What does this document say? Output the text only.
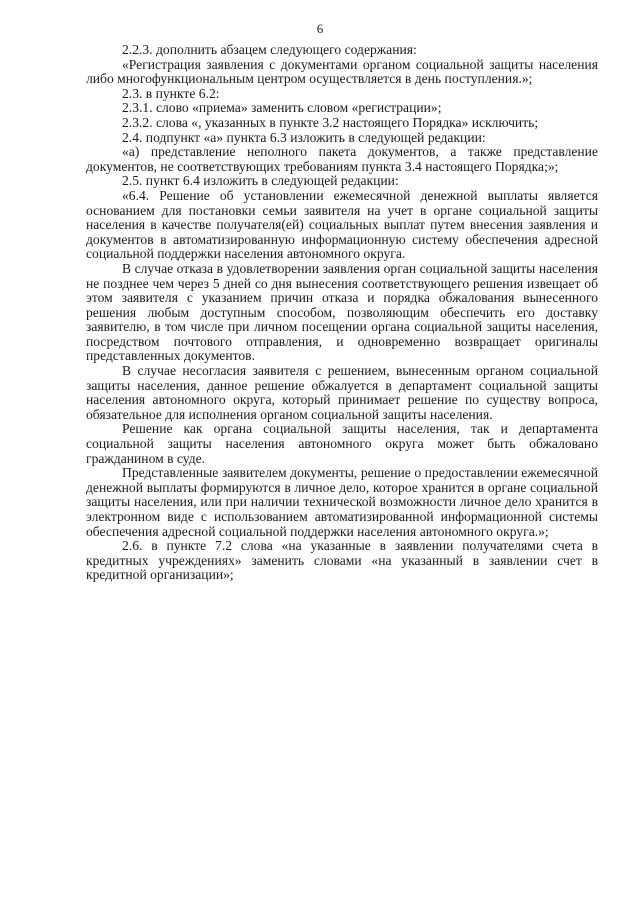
6

2.2.3. дополнить абзацем следующего содержания:

«Регистрация заявления с документами органом социальной защиты населения либо многофункциональным центром осуществляется в день поступления.»;

2.3. в пункте 6.2:

2.3.1. слово «приема» заменить словом «регистрации»;

2.3.2. слова «, указанных в пункте 3.2 настоящего Порядка» исключить;

2.4. подпункт «а» пункта 6.3 изложить в следующей редакции:

«а) представление неполного пакета документов, а также представление документов, не соответствующих требованиям пункта 3.4 настоящего Порядка;»;

2.5. пункт 6.4 изложить в следующей редакции:

«6.4. Решение об установлении ежемесячной денежной выплаты является основанием для постановки семьи заявителя на учет в органе социальной защиты населения в качестве получателя(ей) социальных выплат путем внесения заявления и документов в автоматизированную информационную систему обеспечения адресной социальной поддержки населения автономного округа.

В случае отказа в удовлетворении заявления орган социальной защиты населения не позднее чем через 5 дней со дня вынесения соответствующего решения извещает об этом заявителя с указанием причин отказа и порядка обжалования вынесенного решения любым доступным способом, позволяющим обеспечить его доставку заявителю, в том числе при личном посещении органа социальной защиты населения, посредством почтового отправления, и одновременно возвращает оригиналы представленных документов.

В случае несогласия заявителя с решением, вынесенным органом социальной защиты населения, данное решение обжалуется в департамент социальной защиты населения автономного округа, который принимает решение по существу вопроса, обязательное для исполнения органом социальной защиты населения.

Решение как органа социальной защиты населения, так и департамента социальной защиты населения автономного округа может быть обжаловано гражданином в суде.

Представленные заявителем документы, решение о предоставлении ежемесячной денежной выплаты формируются в личное дело, которое хранится в органе социальной защиты населения, или при наличии технической возможности личное дело хранится в электронном виде с использованием автоматизированной информационной системы обеспечения адресной социальной поддержки населения автономного округа.»;

2.6. в пункте 7.2 слова «на указанные в заявлении получателями счета в кредитных учреждениях» заменить словами «на указанный в заявлении счет в кредитной организации»;
